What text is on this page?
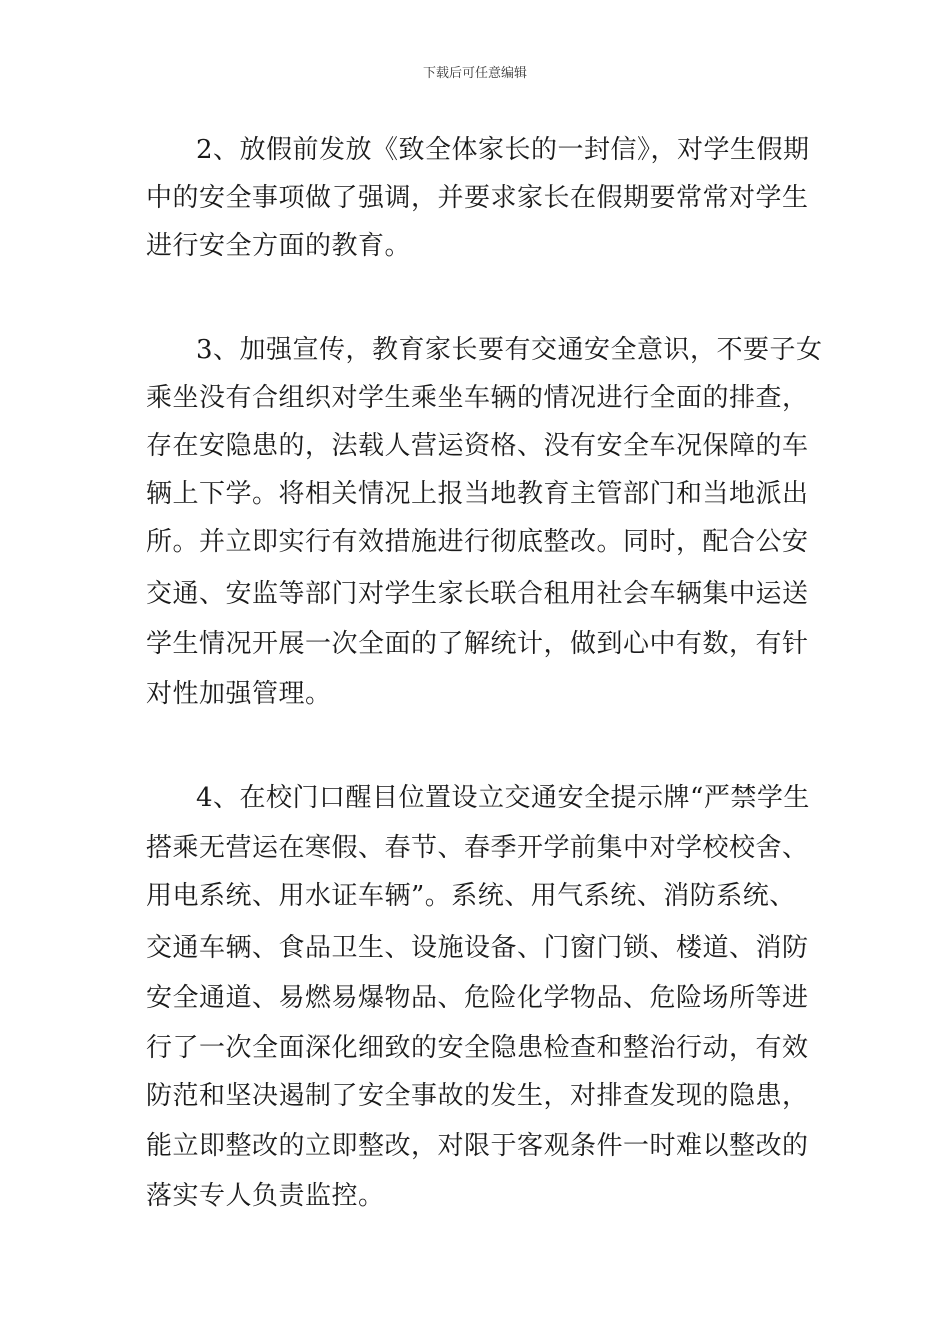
下载后可任意编辑
2、放假前发放《致全体家长的一封信》，对学生假期
中的安全事项做了强调，并要求家长在假期要常常对学生
进行安全方面的教育。
3、加强宣传，教育家长要有交通安全意识，不要子女
乘坐没有合组织对学生乘坐车辆的情况进行全面的排查，
存在安隐患的，法载人营运资格、没有安全车况保障的车
辆上下学。将相关情况上报当地教育主管部门和当地派出
所。并立即实行有效措施进行彻底整改。同时，配合公安
交通、安监等部门对学生家长联合租用社会车辆集中运送
学生情况开展一次全面的了解统计，做到心中有数，有针
对性加强管理。
4、在校门口醒目位置设立交通安全提示牌“严禁学生
搭乘无营运在寒假、春节、春季开学前集中对学校校舍、
用电系统、用水证车辆”。系统、用气系统、消防系统、
交通车辆、食品卫生、设施设备、门窗门锁、楼道、消防
安全通道、易燃易爆物品、危险化学物品、危险场所等进
行了一次全面深化细致的安全隐患检查和整治行动，有效
防范和坚决遏制了安全事故的发生，对排查发现的隐患，
能立即整改的立即整改，对限于客观条件一时难以整改的
落实专人负责监控。
